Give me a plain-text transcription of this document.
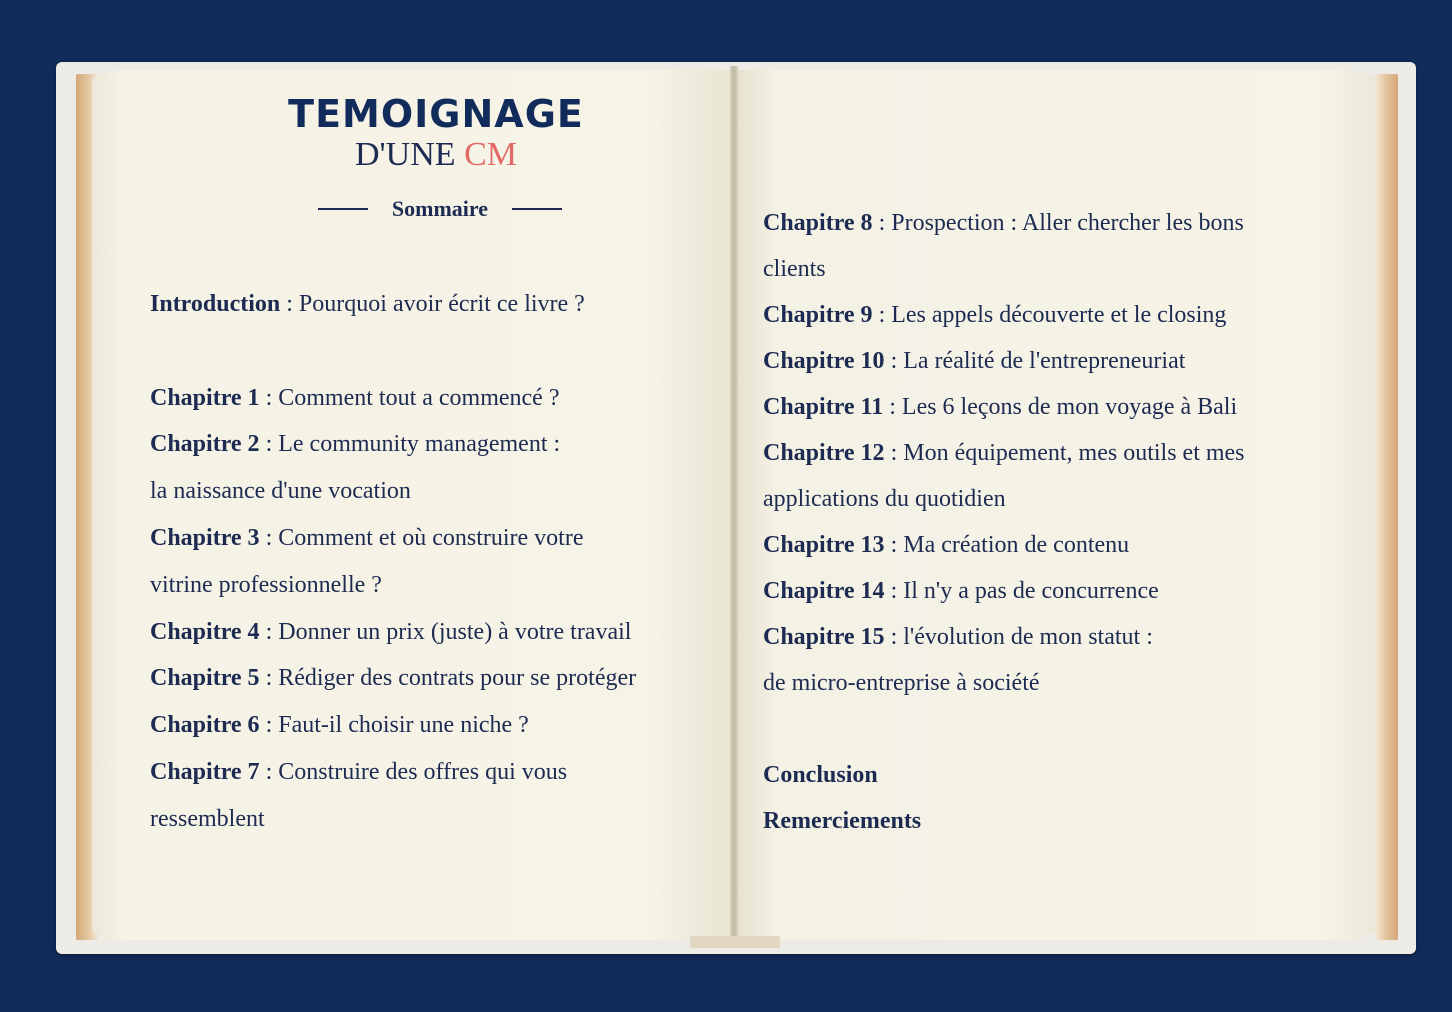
TEMOIGNAGE
D'UNE CM
Sommaire
Introduction : Pourquoi avoir écrit ce livre ?
Chapitre 1 : Comment tout a commencé ?
Chapitre 2 : Le community management :
la naissance d'une vocation
Chapitre 3 : Comment et où construire votre
vitrine professionnelle ?
Chapitre 4 : Donner un prix (juste) à votre travail
Chapitre 5 : Rédiger des contrats pour se protéger
Chapitre 6 : Faut-il choisir une niche ?
Chapitre 7 : Construire des offres qui vous
ressemblent
Chapitre 8 : Prospection : Aller chercher les bons
clients
Chapitre 9 : Les appels découverte et le closing
Chapitre 10 : La réalité de l'entrepreneuriat
Chapitre 11 : Les 6 leçons de mon voyage à Bali
Chapitre 12 : Mon équipement, mes outils et mes
applications du quotidien
Chapitre 13 : Ma création de contenu
Chapitre 14 : Il n'y a pas de concurrence
Chapitre 15 : l'évolution de mon statut :
de micro-entreprise à société
Conclusion
Remerciements
